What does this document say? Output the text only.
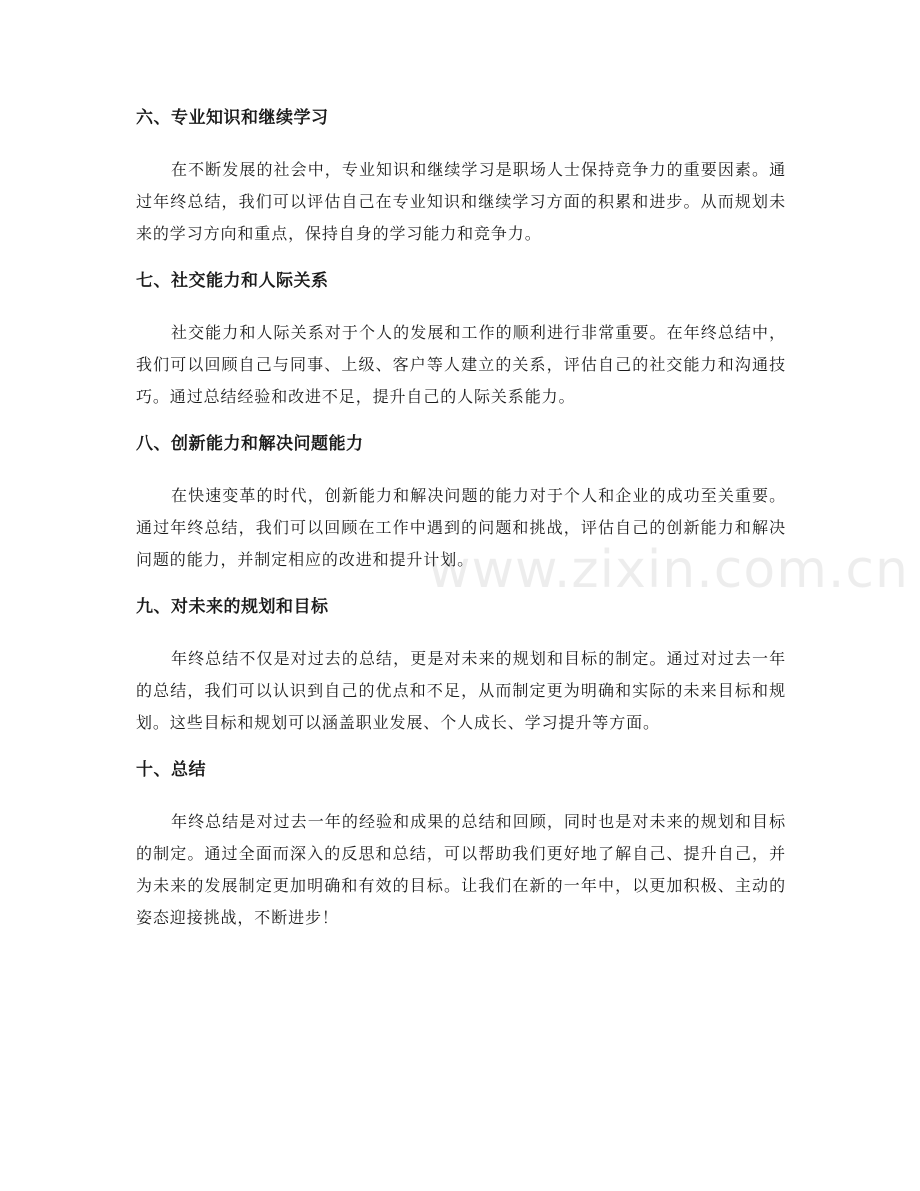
六、专业知识和继续学习

在不断发展的社会中，专业知识和继续学习是职场人士保持竞争力的重要因素。通过年终总结，我们可以评估自己在专业知识和继续学习方面的积累和进步。从而规划未来的学习方向和重点，保持自身的学习能力和竞争力。

七、社交能力和人际关系

社交能力和人际关系对于个人的发展和工作的顺利进行非常重要。在年终总结中，我们可以回顾自己与同事、上级、客户等人建立的关系，评估自己的社交能力和沟通技巧。通过总结经验和改进不足，提升自己的人际关系能力。

八、创新能力和解决问题能力

在快速变革的时代，创新能力和解决问题的能力对于个人和企业的成功至关重要。通过年终总结，我们可以回顾在工作中遇到的问题和挑战，评估自己的创新能力和解决问题的能力，并制定相应的改进和提升计划。

九、对未来的规划和目标

年终总结不仅是对过去的总结，更是对未来的规划和目标的制定。通过对过去一年的总结，我们可以认识到自己的优点和不足，从而制定更为明确和实际的未来目标和规划。这些目标和规划可以涵盖职业发展、个人成长、学习提升等方面。

十、总结

年终总结是对过去一年的经验和成果的总结和回顾，同时也是对未来的规划和目标的制定。通过全面而深入的反思和总结，可以帮助我们更好地了解自己、提升自己，并为未来的发展制定更加明确和有效的目标。让我们在新的一年中，以更加积极、主动的姿态迎接挑战，不断进步！

www.zixin.com.cn
